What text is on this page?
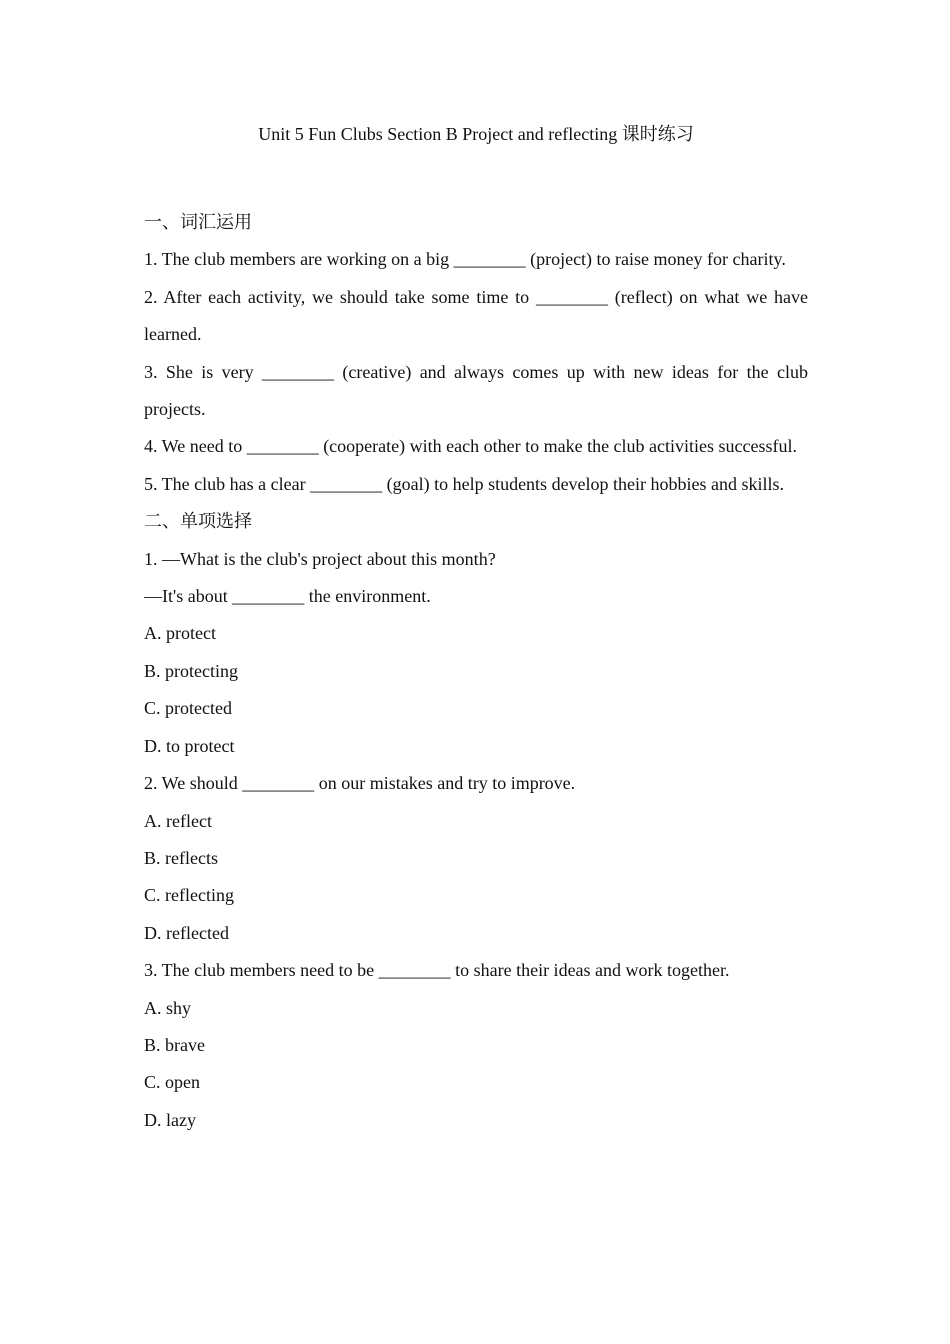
Unit 5 Fun Clubs Section B Project and reflecting 课时练习

一、词汇运用

1. The club members are working on a big ________ (project) to raise money for charity.

2. After each activity, we should take some time to ________ (reflect) on what we have learned.

3. She is very ________ (creative) and always comes up with new ideas for the club projects.

4. We need to ________ (cooperate) with each other to make the club activities successful.

5. The club has a clear ________ (goal) to help students develop their hobbies and skills.

二、单项选择

1. —What is the club's project about this month?

—It's about ________ the environment.

A. protect

B. protecting

C. protected

D. to protect

2. We should ________ on our mistakes and try to improve.

A. reflect

B. reflects

C. reflecting

D. reflected

3. The club members need to be ________ to share their ideas and work together.

A. shy

B. brave

C. open

D. lazy
